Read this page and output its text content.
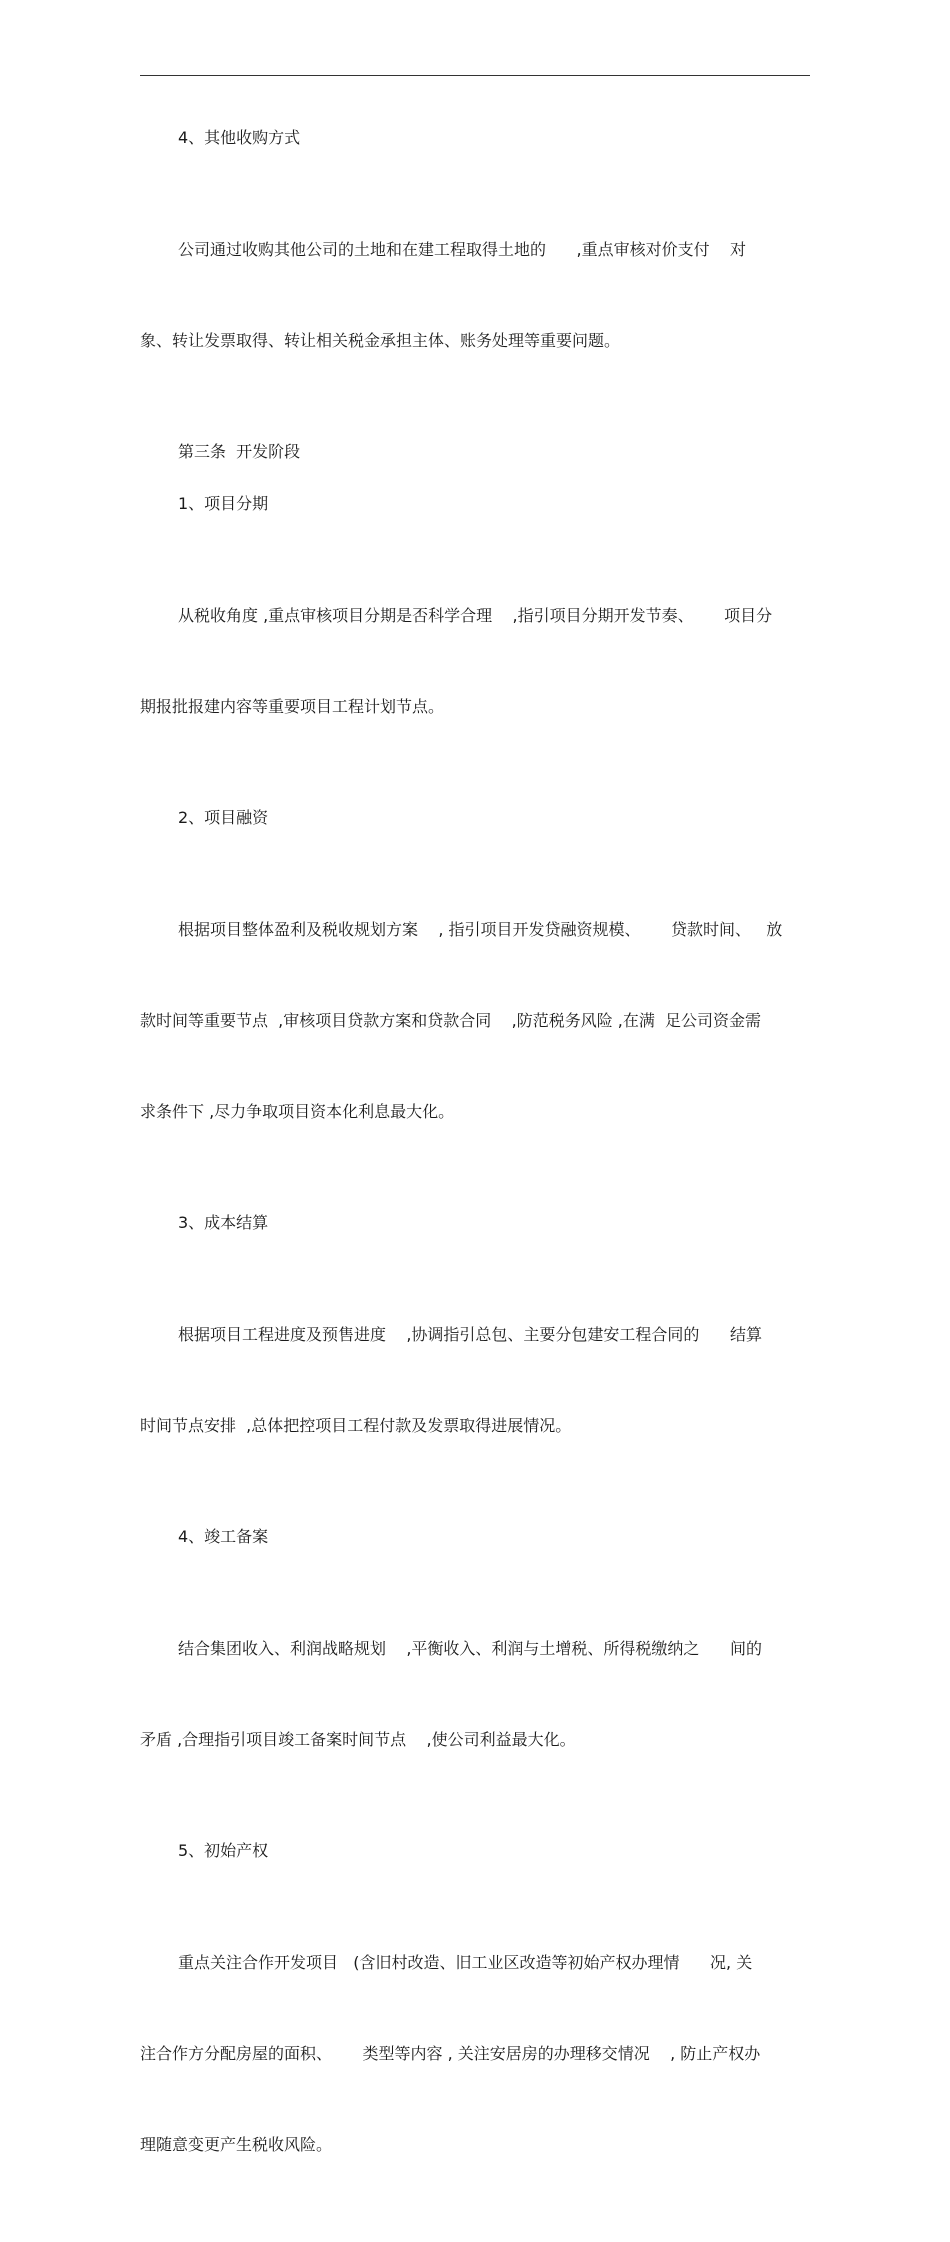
4、其他收购方式

公司通过收购其他公司的土地和在建工程取得土地的      ,重点审核对价支付    对

象、转让发票取得、转让相关税金承担主体、账务处理等重要问题。

第三条  开发阶段
1、项目分期

从税收角度 ,重点审核项目分期是否科学合理    ,指引项目分期开发节奏、      项目分

期报批报建内容等重要项目工程计划节点。

2、项目融资

根据项目整体盈利及税收规划方案    , 指引项目开发贷融资规模、      贷款时间、   放

款时间等重要节点  ,审核项目贷款方案和贷款合同    ,防范税务风险 ,在满  足公司资金需

求条件下 ,尽力争取项目资本化利息最大化。

3、成本结算

根据项目工程进度及预售进度    ,协调指引总包、主要分包建安工程合同的      结算

时间节点安排  ,总体把控项目工程付款及发票取得进展情况。

4、竣工备案

结合集团收入、利润战略规划    ,平衡收入、利润与土增税、所得税缴纳之      间的

矛盾 ,合理指引项目竣工备案时间节点    ,使公司利益最大化。

5、初始产权

重点关注合作开发项目   (含旧村改造、旧工业区改造等初始产权办理情      况, 关

注合作方分配房屋的面积、      类型等内容 , 关注安居房的办理移交情况    , 防止产权办

理随意变更产生税收风险。
